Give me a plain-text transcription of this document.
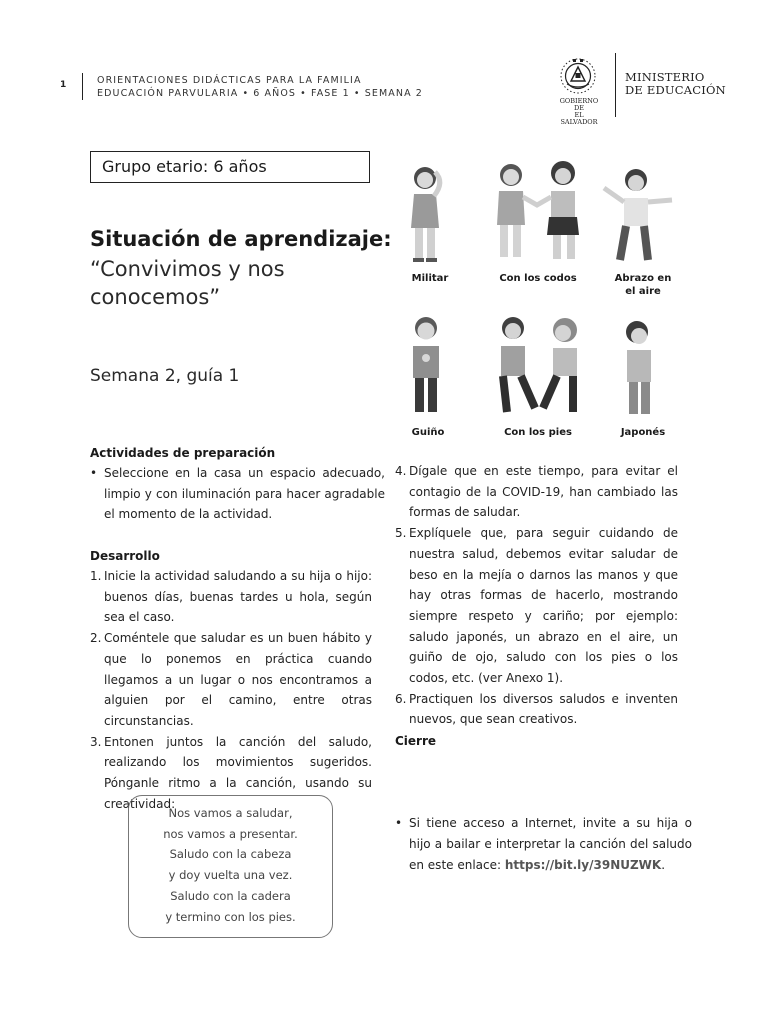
1	ORIENTACIONES DIDÁCTICAS PARA LA FAMILIA
EDUCACIÓN PARVULARIA • 6 AÑOS • FASE 1 • SEMANA 2
GOBIERNO DE
EL SALVADOR
MINISTERIO
DE EDUCACIÓN
Grupo etario: 6 años
Situación de aprendizaje:
“Convivimos y nos
conocemos”
Semana 2, guía 1
Militar	Con los codos	Abrazo en
el aire
Guiño	Con los pies	Japonés
Actividades de preparación
• Seleccione en la casa un espacio adecuado, limpio y con iluminación para hacer agradable el momento de la actividad.
Desarrollo
1. Inicie la actividad saludando a su hija o hijo: buenos días, buenas tardes u hola, según sea el caso.
2. Coméntele que saludar es un buen hábito y que lo ponemos en práctica cuando llegamos a un lugar o nos encontramos a alguien por el camino, entre otras circunstancias.
3. Entonen juntos la canción del saludo, realizando los movimientos sugeridos. Pónganle ritmo a la canción, usando su creatividad:
Nos vamos a saludar,
nos vamos a presentar.
Saludo con la cabeza
y doy vuelta una vez.
Saludo con la cadera
y termino con los pies.
4. Dígale que en este tiempo, para evitar el contagio de la COVID-19, han cambiado las formas de saludar.
5. Explíquele que, para seguir cuidando de nuestra salud, debemos evitar saludar de beso en la mejía o darnos las manos y que hay otras formas de hacerlo, mostrando siempre respeto y cariño; por ejemplo: saludo japonés, un abrazo en el aire, un guiño de ojo, saludo con los pies o los codos, etc. (ver Anexo 1).
6. Practiquen los diversos saludos e inventen nuevos, que sean creativos.
Cierre
• Si tiene acceso a Internet, invite a su hija o hijo a bailar e interpretar la canción del saludo en este enlace: https://bit.ly/39NUZWK.
